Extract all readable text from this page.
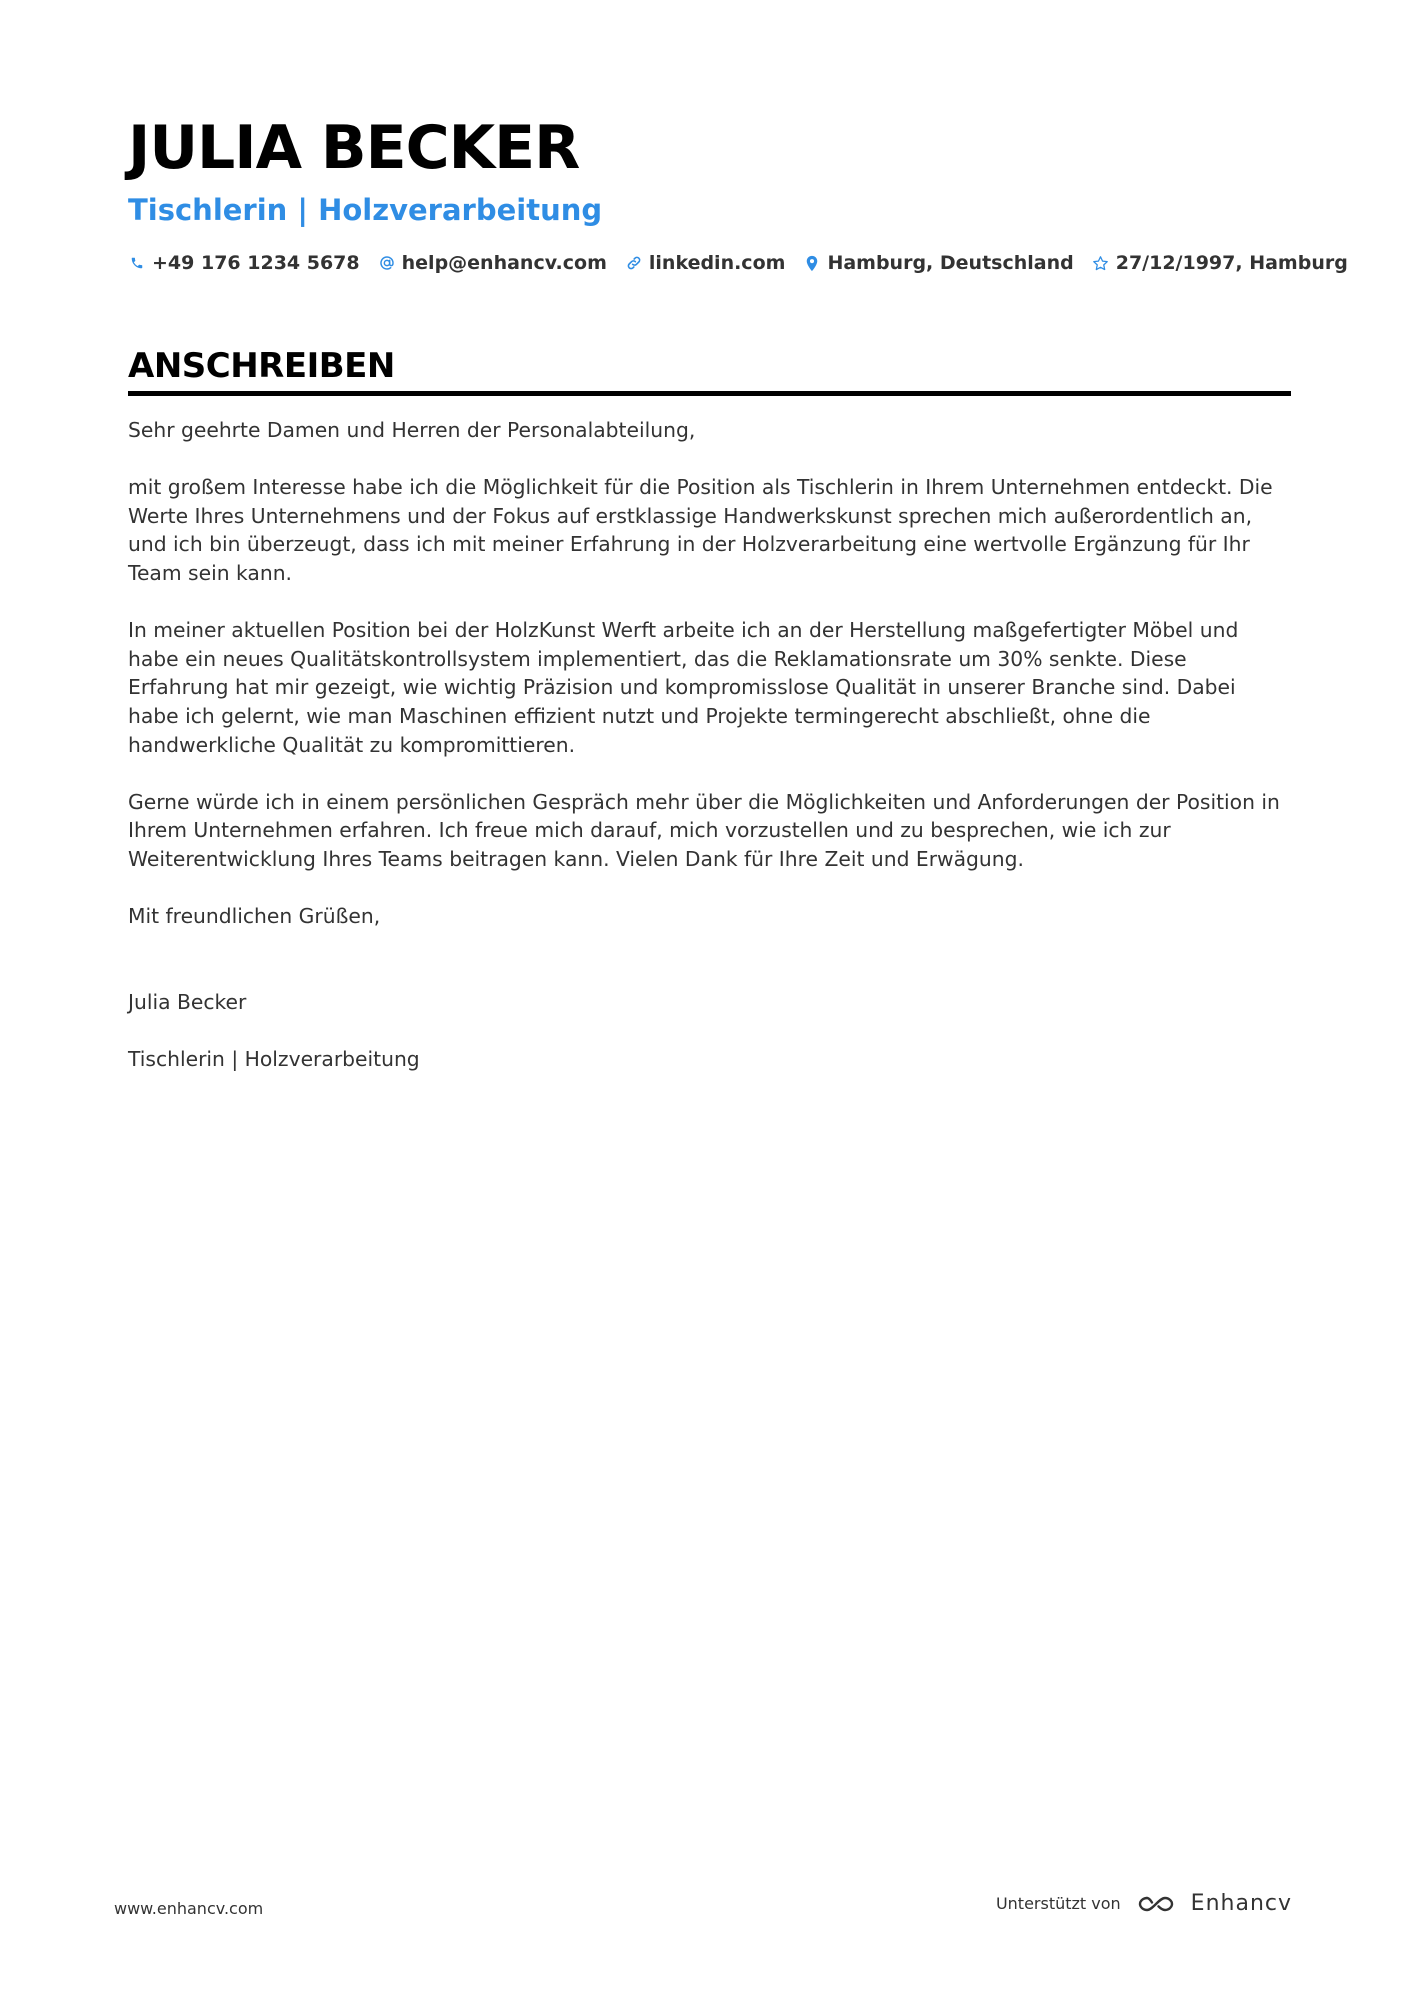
JULIA BECKER
Tischlerin | Holzverarbeitung
+49 176 1234 5678 help@enhancv.com linkedin.com Hamburg, Deutschland 27/12/1997, Hamburg
ANSCHREIBEN

Sehr geehrte Damen und Herren der Personalabteilung,

mit großem Interesse habe ich die Möglichkeit für die Position als Tischlerin in Ihrem Unternehmen entdeckt. Die Werte Ihres Unternehmens und der Fokus auf erstklassige Handwerkskunst sprechen mich außerordentlich an, und ich bin überzeugt, dass ich mit meiner Erfahrung in der Holzverarbeitung eine wertvolle Ergänzung für Ihr Team sein kann.

In meiner aktuellen Position bei der HolzKunst Werft arbeite ich an der Herstellung maßgefertigter Möbel und habe ein neues Qualitätskontrollsystem implementiert, das die Reklamationsrate um 30% senkte. Diese Erfahrung hat mir gezeigt, wie wichtig Präzision und kompromisslose Qualität in unserer Branche sind. Dabei habe ich gelernt, wie man Maschinen effizient nutzt und Projekte termingerecht abschließt, ohne die handwerkliche Qualität zu kompromittieren.

Gerne würde ich in einem persönlichen Gespräch mehr über die Möglichkeiten und Anforderungen der Position in Ihrem Unternehmen erfahren. Ich freue mich darauf, mich vorzustellen und zu besprechen, wie ich zur Weiterentwicklung Ihres Teams beitragen kann. Vielen Dank für Ihre Zeit und Erwägung.

Mit freundlichen Grüßen,

Julia Becker

Tischlerin | Holzverarbeitung

www.enhancv.com	Unterstützt von	Enhancv
